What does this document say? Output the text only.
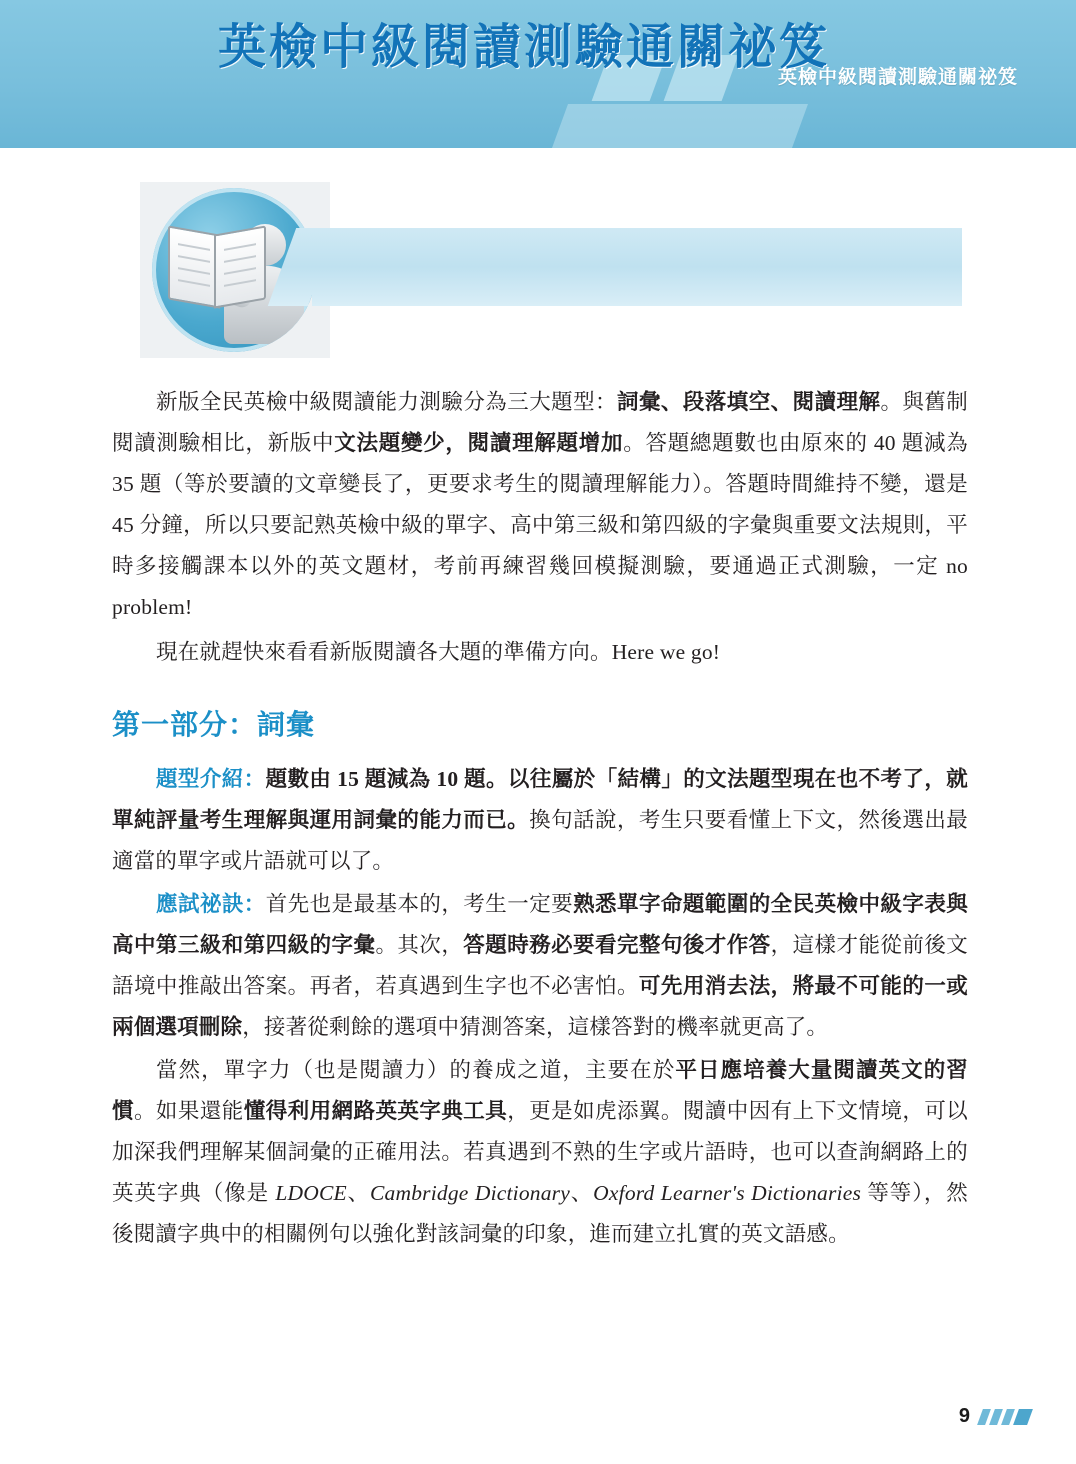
英檢中級閱讀測驗通關祕笈
英檢中級閱讀測驗通關祕笈

新版全民英檢中級閱讀能力測驗分為三大題型：詞彙、段落填空、閱讀理解。與舊制閱讀測驗相比，新版中文法題變少，閱讀理解題增加。答題總題數也由原來的 40 題減為 35 題（等於要讀的文章變長了，更要求考生的閱讀理解能力）。答題時間維持不變，還是 45 分鐘，所以只要記熟英檢中級的單字、高中第三級和第四級的字彙與重要文法規則，平時多接觸課本以外的英文題材，考前再練習幾回模擬測驗，要通過正式測驗，一定 no problem!

現在就趕快來看看新版閱讀各大題的準備方向。Here we go!

第一部分：詞彙

題型介紹：題數由 15 題減為 10 題。以往屬於「結構」的文法題型現在也不考了，就單純評量考生理解與運用詞彙的能力而已。換句話說，考生只要看懂上下文，然後選出最適當的單字或片語就可以了。

應試祕訣：首先也是最基本的，考生一定要熟悉單字命題範圍的全民英檢中級字表與高中第三級和第四級的字彙。其次，答題時務必要看完整句後才作答，這樣才能從前後文語境中推敲出答案。再者，若真遇到生字也不必害怕。可先用消去法，將最不可能的一或兩個選項刪除，接著從剩餘的選項中猜測答案，這樣答對的機率就更高了。

當然，單字力（也是閱讀力）的養成之道，主要在於平日應培養大量閱讀英文的習慣。如果還能懂得利用網路英英字典工具，更是如虎添翼。閱讀中因有上下文情境，可以加深我們理解某個詞彙的正確用法。若真遇到不熟的生字或片語時，也可以查詢網路上的英英字典（像是 LDOCE、Cambridge Dictionary、Oxford Learner's Dictionaries 等等），然後閱讀字典中的相關例句以強化對該詞彙的印象，進而建立扎實的英文語感。

9
